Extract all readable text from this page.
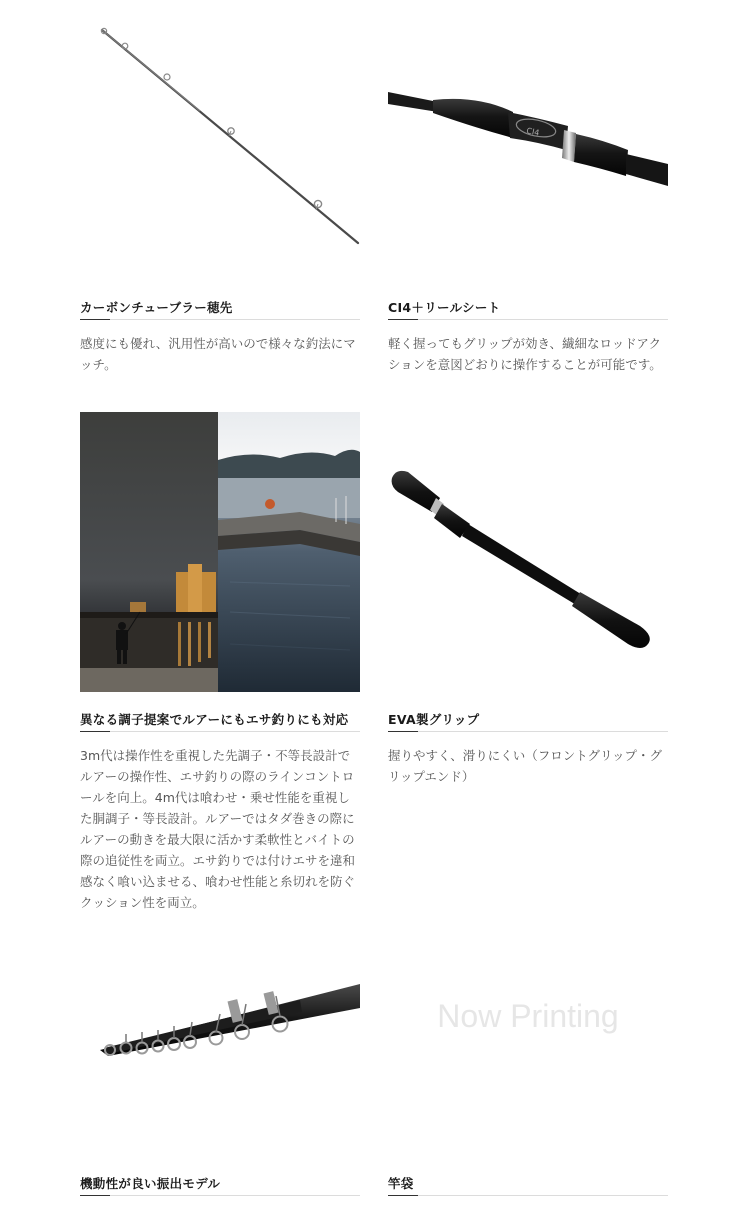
カーボンチューブラー穂先
感度にも優れ、汎用性が高いので様々な釣法にマッチ。
CI4
CI4＋リールシート
軽く握ってもグリップが効き、繊細なロッドアクションを意図どおりに操作することが可能です。
異なる調子提案でルアーにもエサ釣りにも対応
3m代は操作性を重視した先調子・不等長設計でルアーの操作性、エサ釣りの際のラインコントロールを向上。4m代は喰わせ・乗せ性能を重視した胴調子・等長設計。ルアーではタダ巻きの際にルアーの動きを最大限に活かす柔軟性とバイトの際の追従性を両立。エサ釣りでは付けエサを違和感なく喰い込ませる、喰わせ性能と糸切れを防ぐクッション性を両立。
EVA製グリップ
握りやすく、滑りにくい（フロントグリップ・グリップエンド）
機動性が良い振出モデル
Now Printing
竿袋
